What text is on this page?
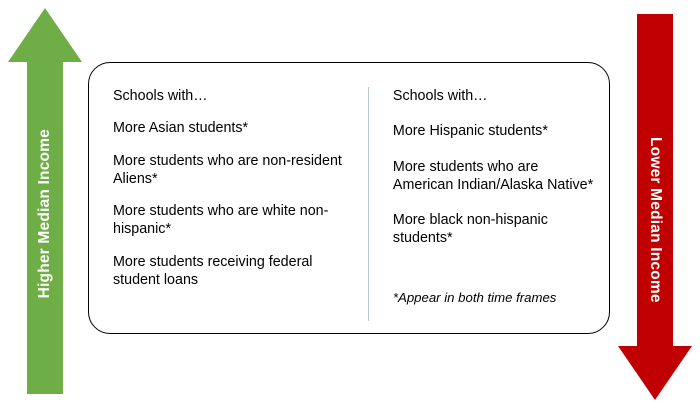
Higher Median Income	Lower Median Income
Schools with…
More Asian students*
More students who are non-resident Aliens*
More students who are white non-hispanic*
More students receiving federal student loans
Schools with…
More Hispanic students*
More students who are American Indian/Alaska Native*
More black non-hispanic students*
*Appear in both time frames
